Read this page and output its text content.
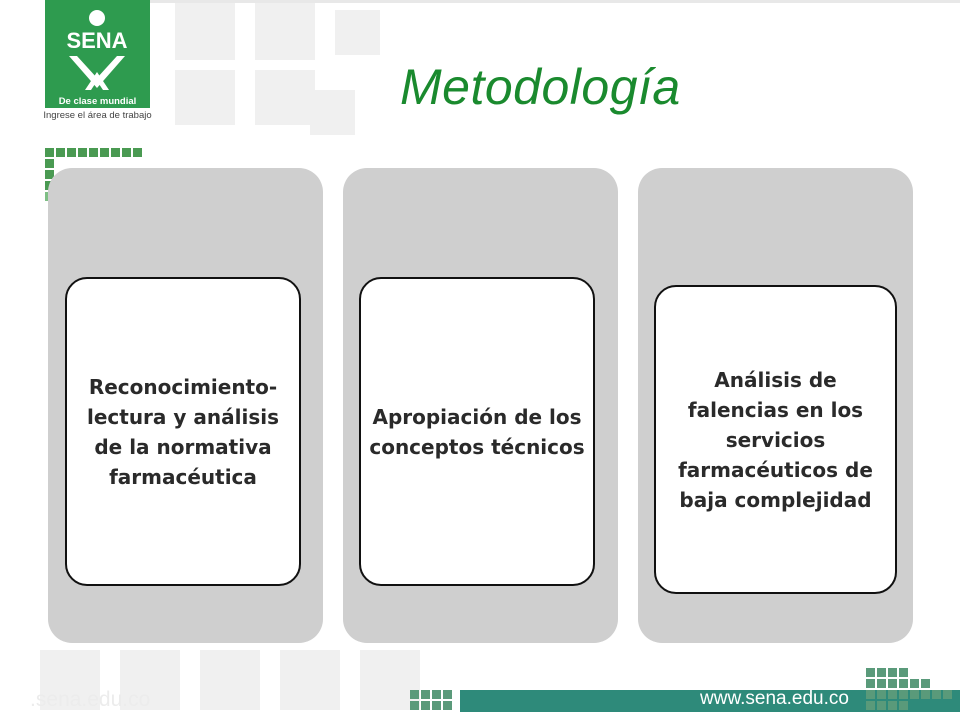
SENA
De clase mundial
Ingrese el área de trabajo
Metodología
Reconocimiento- lectura y análisis de la normativa farmacéutica
Apropiación de los conceptos técnicos
Análisis de falencias en los servicios farmacéuticos de baja complejidad
.sena.edu.co	www.sena.edu.co
